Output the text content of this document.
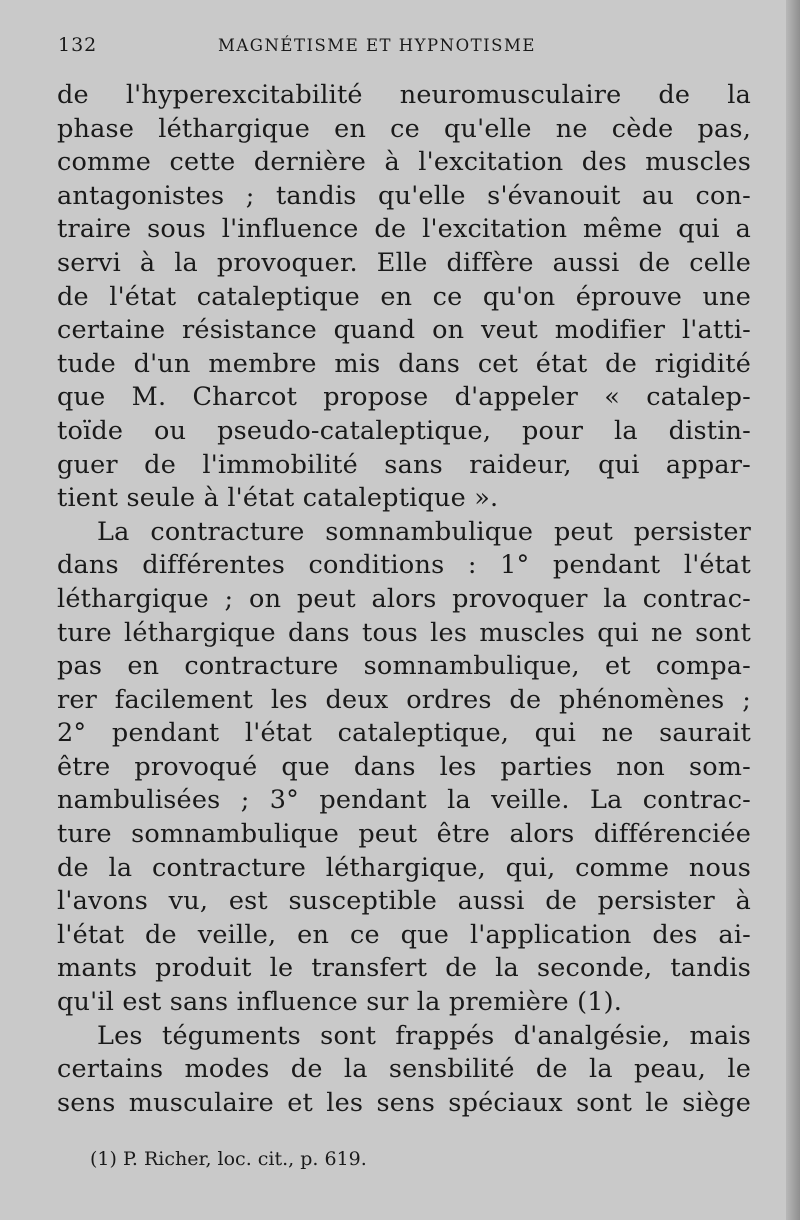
132	MAGNÉTISME ET HYPNOTISME
de l'hyperexcitabilité neuromusculaire de la
phase léthargique en ce qu'elle ne cède pas,
comme cette dernière à l'excitation des muscles
antagonistes ; tandis qu'elle s'évanouit au con-
traire sous l'influence de l'excitation même qui a
servi à la provoquer. Elle diffère aussi de celle
de l'état cataleptique en ce qu'on éprouve une
certaine résistance quand on veut modifier l'atti-
tude d'un membre mis dans cet état de rigidité
que M. Charcot propose d'appeler « catalep-
toïde ou pseudo-cataleptique, pour la distin-
guer de l'immobilité sans raideur, qui appar-
tient seule à l'état cataleptique ».
La contracture somnambulique peut persister
dans différentes conditions : 1° pendant l'état
léthargique ; on peut alors provoquer la contrac-
ture léthargique dans tous les muscles qui ne sont
pas en contracture somnambulique, et compa-
rer facilement les deux ordres de phénomènes ;
2° pendant l'état cataleptique, qui ne saurait
être provoqué que dans les parties non som-
nambulisées ; 3° pendant la veille. La contrac-
ture somnambulique peut être alors différenciée
de la contracture léthargique, qui, comme nous
l'avons vu, est susceptible aussi de persister à
l'état de veille, en ce que l'application des ai-
mants produit le transfert de la seconde, tandis
qu'il est sans influence sur la première (1).
Les téguments sont frappés d'analgésie, mais
certains modes de la sensbilité de la peau, le
sens musculaire et les sens spéciaux sont le siège
(1) P. Richer, loc. cit., p. 619.
